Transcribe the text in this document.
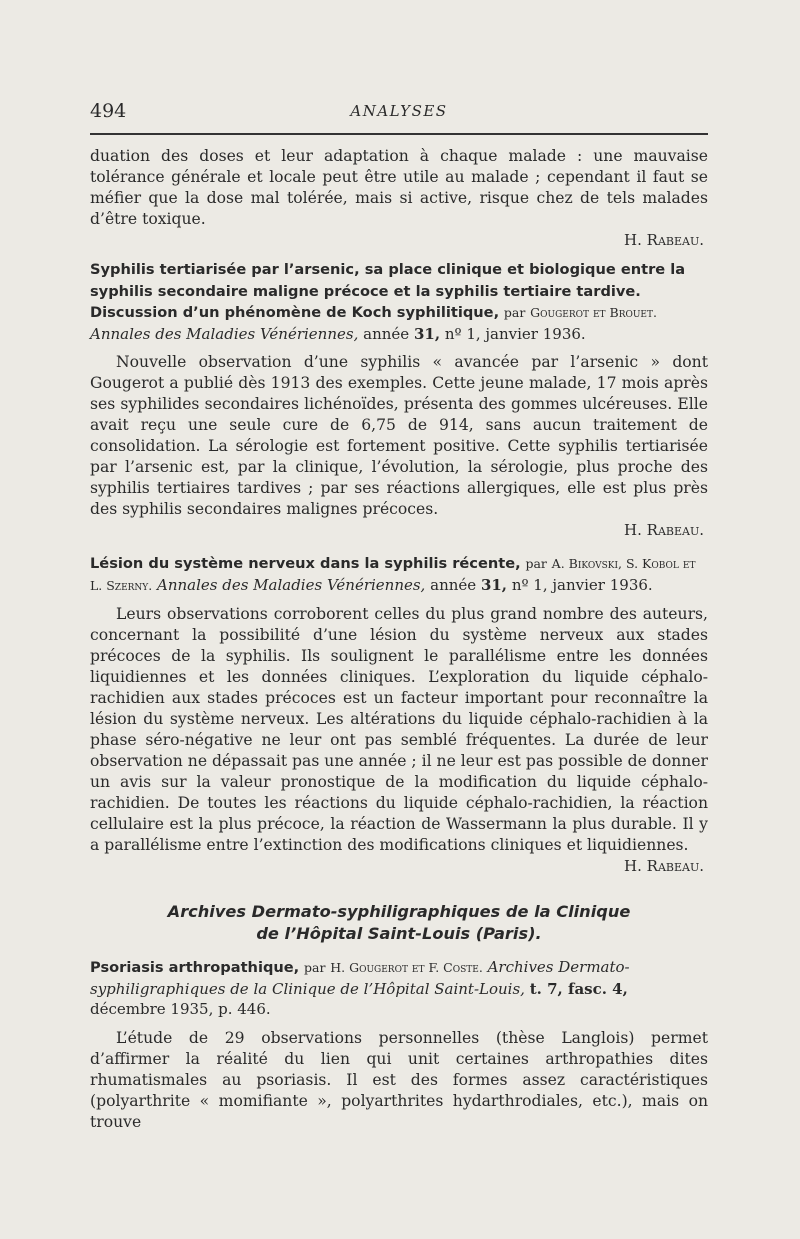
494	ANALYSES

duation des doses et leur adaptation à chaque malade : une mauvaise tolérance générale et locale peut être utile au malade ; cependant il faut se méfier que la dose mal tolérée, mais si active, risque chez de tels malades d’être toxique.

H. Rabeau.

Syphilis tertiarisée par l’arsenic, sa place clinique et biologique entre la syphilis secondaire maligne précoce et la syphilis tertiaire tardive. Discussion d’un phénomène de Koch syphilitique, par Gougerot et Brouet. Annales des Maladies Vénériennes, année 31, nº 1, janvier 1936.

Nouvelle observation d’une syphilis « avancée par l’arsenic » dont Gougerot a publié dès 1913 des exemples. Cette jeune malade, 17 mois après ses syphilides secondaires lichénoïdes, présenta des gommes ulcéreuses. Elle avait reçu une seule cure de 6,75 de 914, sans aucun traitement de consolidation. La sérologie est fortement positive. Cette syphilis tertiarisée par l’arsenic est, par la clinique, l’évolution, la sérologie, plus proche des syphilis tertiaires tardives ; par ses réactions allergiques, elle est plus près des syphilis secondaires malignes précoces.

H. Rabeau.

Lésion du système nerveux dans la syphilis récente, par A. Bikovski, S. Kobol et L. Szerny. Annales des Maladies Vénériennes, année 31, nº 1, janvier 1936.

Leurs observations corroborent celles du plus grand nombre des auteurs, concernant la possibilité d’une lésion du système nerveux aux stades précoces de la syphilis. Ils soulignent le parallélisme entre les données liquidiennes et les données cliniques. L’exploration du liquide céphalo-rachidien aux stades précoces est un facteur important pour reconnaître la lésion du système nerveux. Les altérations du liquide céphalo-rachidien à la phase séro-négative ne leur ont pas semblé fréquentes. La durée de leur observation ne dépassait pas une année ; il ne leur est pas possible de donner un avis sur la valeur pronostique de la modification du liquide céphalo-rachidien. De toutes les réactions du liquide céphalo-rachidien, la réaction cellulaire est la plus précoce, la réaction de Wassermann la plus durable. Il y a parallélisme entre l’extinction des modifications cliniques et liquidiennes.

H. Rabeau.

Archives Dermato-syphiligraphiques de la Clinique
de l’Hôpital Saint-Louis (Paris).

Psoriasis arthropathique, par H. Gougerot et F. Coste. Archives Dermato-syphiligraphiques de la Clinique de l’Hôpital Saint-Louis, t. 7, fasc. 4, décembre 1935, p. 446.

L’étude de 29 observations personnelles (thèse Langlois) permet d’affirmer la réalité du lien qui unit certaines arthropathies dites rhumatismales au psoriasis. Il est des formes assez caractéristiques (polyarthrite « momifiante », polyarthrites hydarthrodiales, etc.), mais on trouve
